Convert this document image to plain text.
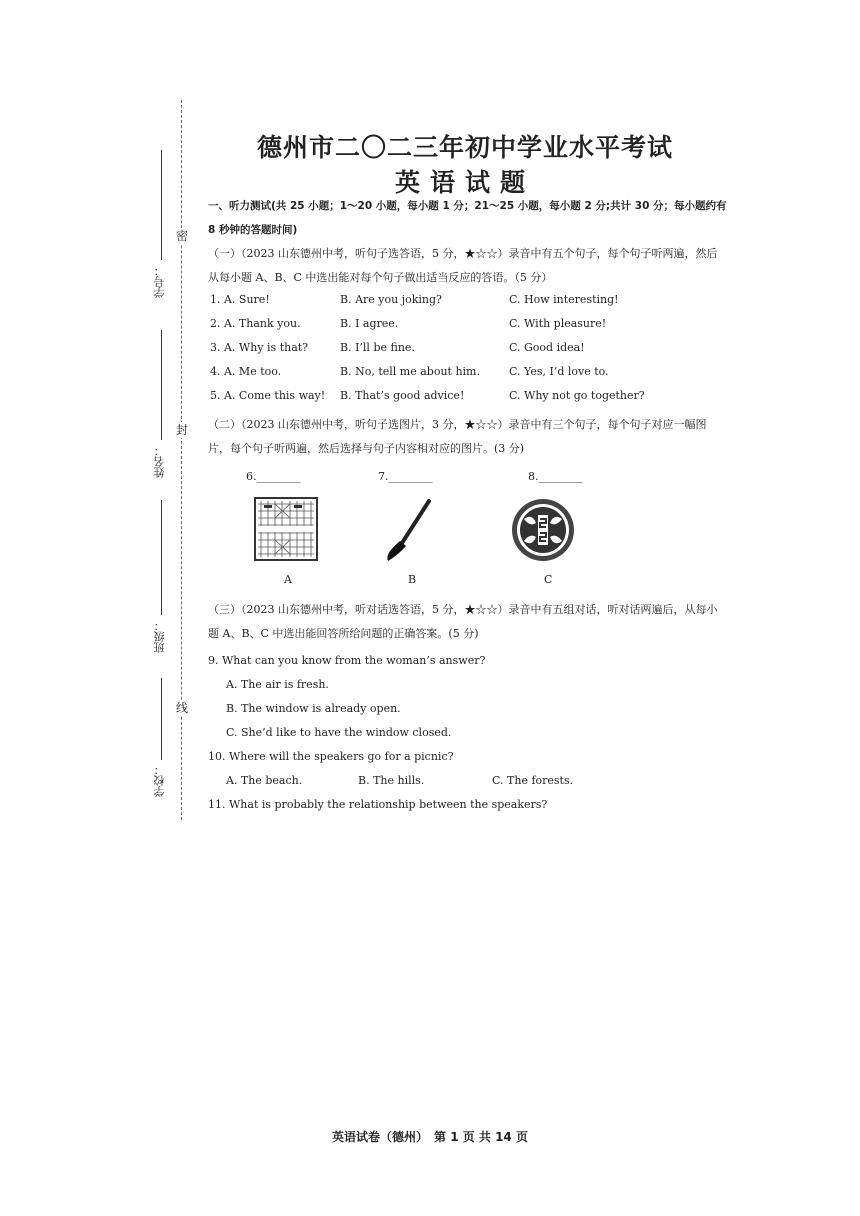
学号：
姓名：
班级：
学校：
密
封
线
德州市二〇二三年初中学业水平考试
英语试题
一、听力测试(共 25 小题；1～20 小题，每小题 1 分；21～25 小题，每小题 2 分;共计 30 分；每小题约有 8 秒钟的答题时间)
（一）（2023 山东德州中考，听句子选答语，5 分，★☆☆）录音中有五个句子，每个句子听两遍，然后从每小题 A、B、C 中选出能对每个句子做出适当反应的答语。（5 分）
1. A. Sure!	B. Are you joking?	C. How interesting!
2. A. Thank you.	B. I agree.	C. With pleasure!
3. A. Why is that?	B. I’ll be fine.	C. Good idea!
4. A. Me too.	B. No, tell me about him.	C. Yes, I’d love to.
5. A. Come this way! B. That’s good advice!	C. Why not go together?
（二）（2023 山东德州中考，听句子选图片，3 分，★☆☆）录音中有三个句子，每个句子对应一幅图片，每个句子听两遍，然后选择与句子内容相对应的图片。(3 分)
6.________	7.________	8.________
A	B	C
（三）（2023 山东德州中考，听对话选答语，5 分，★☆☆）录音中有五组对话，听对话两遍后，从每小题 A、B、C 中选出能回答所给问题的正确答案。(5 分)
9. What can you know from the woman’s answer?
A. The air is fresh.
B. The window is already open.
C. She’d like to have the window closed.
10. Where will the speakers go for a picnic?
A. The beach.	B. The hills.	C. The forests.
11. What is probably the relationship between the speakers?
英语试卷（德州）　第 1 页 共 14 页
